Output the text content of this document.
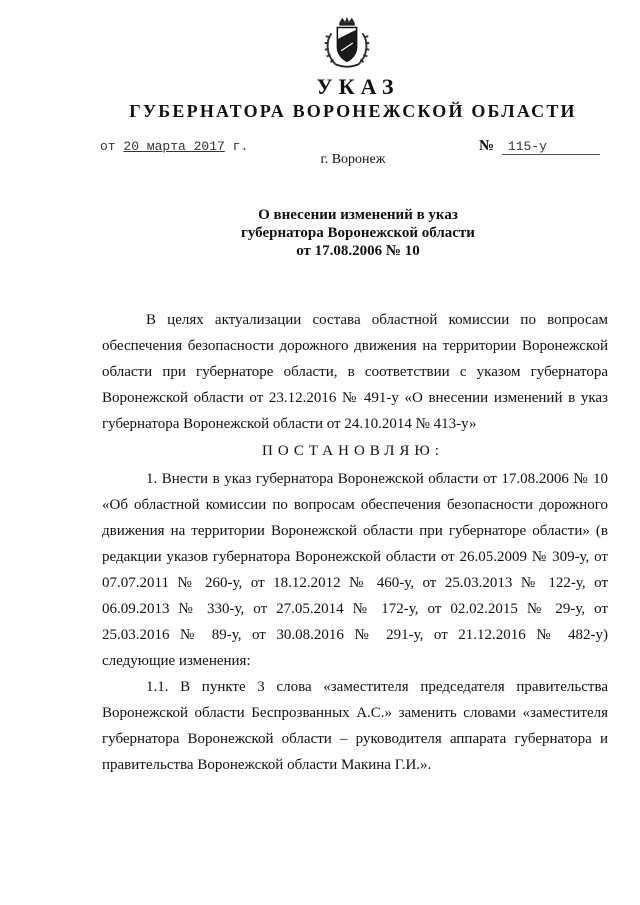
УКАЗ
ГУБЕРНАТОРА ВОРОНЕЖСКОЙ ОБЛАСТИ
от 20 марта 2017 г.	№ 115-у
г. Воронеж
О внесении изменений в указ
губернатора Воронежской области
от 17.08.2006 № 10
В целях актуализации состава областной комиссии по вопросам
обеспечения безопасности дорожного движения на территории Воронежской
области при губернаторе области, в соответствии с указом губернатора
Воронежской области от 23.12.2016 № 491-у «О внесении изменений в указ
губернатора Воронежской области от 24.10.2014 № 413-у»
ПОСТАНОВЛЯЮ:
1. Внести в указ губернатора Воронежской области от 17.08.2006 № 10
«Об областной комиссии по вопросам обеспечения безопасности дорожного
движения на территории Воронежской области при губернаторе области» (в
редакции указов губернатора Воронежской области от 26.05.2009 № 309-у, от
07.07.2011 № 260-у, от 18.12.2012 № 460-у, от 25.03.2013 № 122-у, от
06.09.2013 № 330-у, от 27.05.2014 № 172-у, от 02.02.2015 № 29-у, от
25.03.2016 № 89-у, от 30.08.2016 № 291-у, от 21.12.2016 № 482-у)
следующие изменения:
1.1. В пункте 3 слова «заместителя председателя правительства
Воронежской области Беспрозванных А.С.» заменить словами «заместителя
губернатора Воронежской области – руководителя аппарата губернатора и
правительства Воронежской области Макина Г.И.».
